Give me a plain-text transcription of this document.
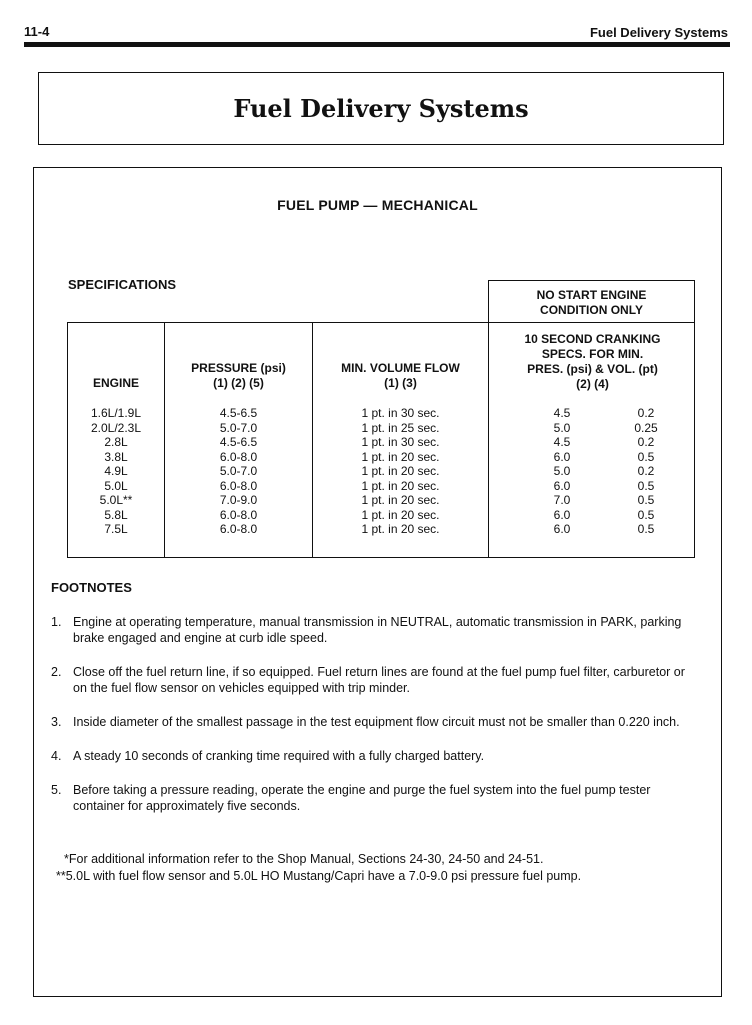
11-4	Fuel Delivery Systems
Fuel Delivery Systems
FUEL PUMP — MECHANICAL
SPECIFICATIONS
NO START ENGINE
CONDITION ONLY
ENGINE
PRESSURE (psi)
(1) (2) (5)
MIN. VOLUME FLOW
(1) (3)
10 SECOND CRANKING
SPECS. FOR MIN.
PRES. (psi) & VOL. (pt)
(2) (4)
1.6L/1.9L
2.0L/2.3L
2.8L
3.8L
4.9L
5.0L
5.0L**
5.8L
7.5L
4.5-6.5
5.0-7.0
4.5-6.5
6.0-8.0
5.0-7.0
6.0-8.0
7.0-9.0
6.0-8.0
6.0-8.0
1 pt. in 30 sec.
1 pt. in 25 sec.
1 pt. in 30 sec.
1 pt. in 20 sec.
1 pt. in 20 sec.
1 pt. in 20 sec.
1 pt. in 20 sec.
1 pt. in 20 sec.
1 pt. in 20 sec.
4.5
5.0
4.5
6.0
5.0
6.0
7.0
6.0
6.0
0.2
0.25
0.2
0.5
0.2
0.5
0.5
0.5
0.5
FOOTNOTES
1. Engine at operating temperature, manual transmission in NEUTRAL, automatic transmission in PARK, parking brake engaged and engine at curb idle speed.
2. Close off the fuel return line, if so equipped. Fuel return lines are found at the fuel pump fuel filter, carburetor or on the fuel flow sensor on vehicles equipped with trip minder.
3. Inside diameter of the smallest passage in the test equipment flow circuit must not be smaller than 0.220 inch.
4. A steady 10 seconds of cranking time required with a fully charged battery.
5. Before taking a pressure reading, operate the engine and purge the fuel system into the fuel pump tester container for approximately five seconds.
*For additional information refer to the Shop Manual, Sections 24-30, 24-50 and 24-51.
**5.0L with fuel flow sensor and 5.0L HO Mustang/Capri have a 7.0-9.0 psi pressure fuel pump.
